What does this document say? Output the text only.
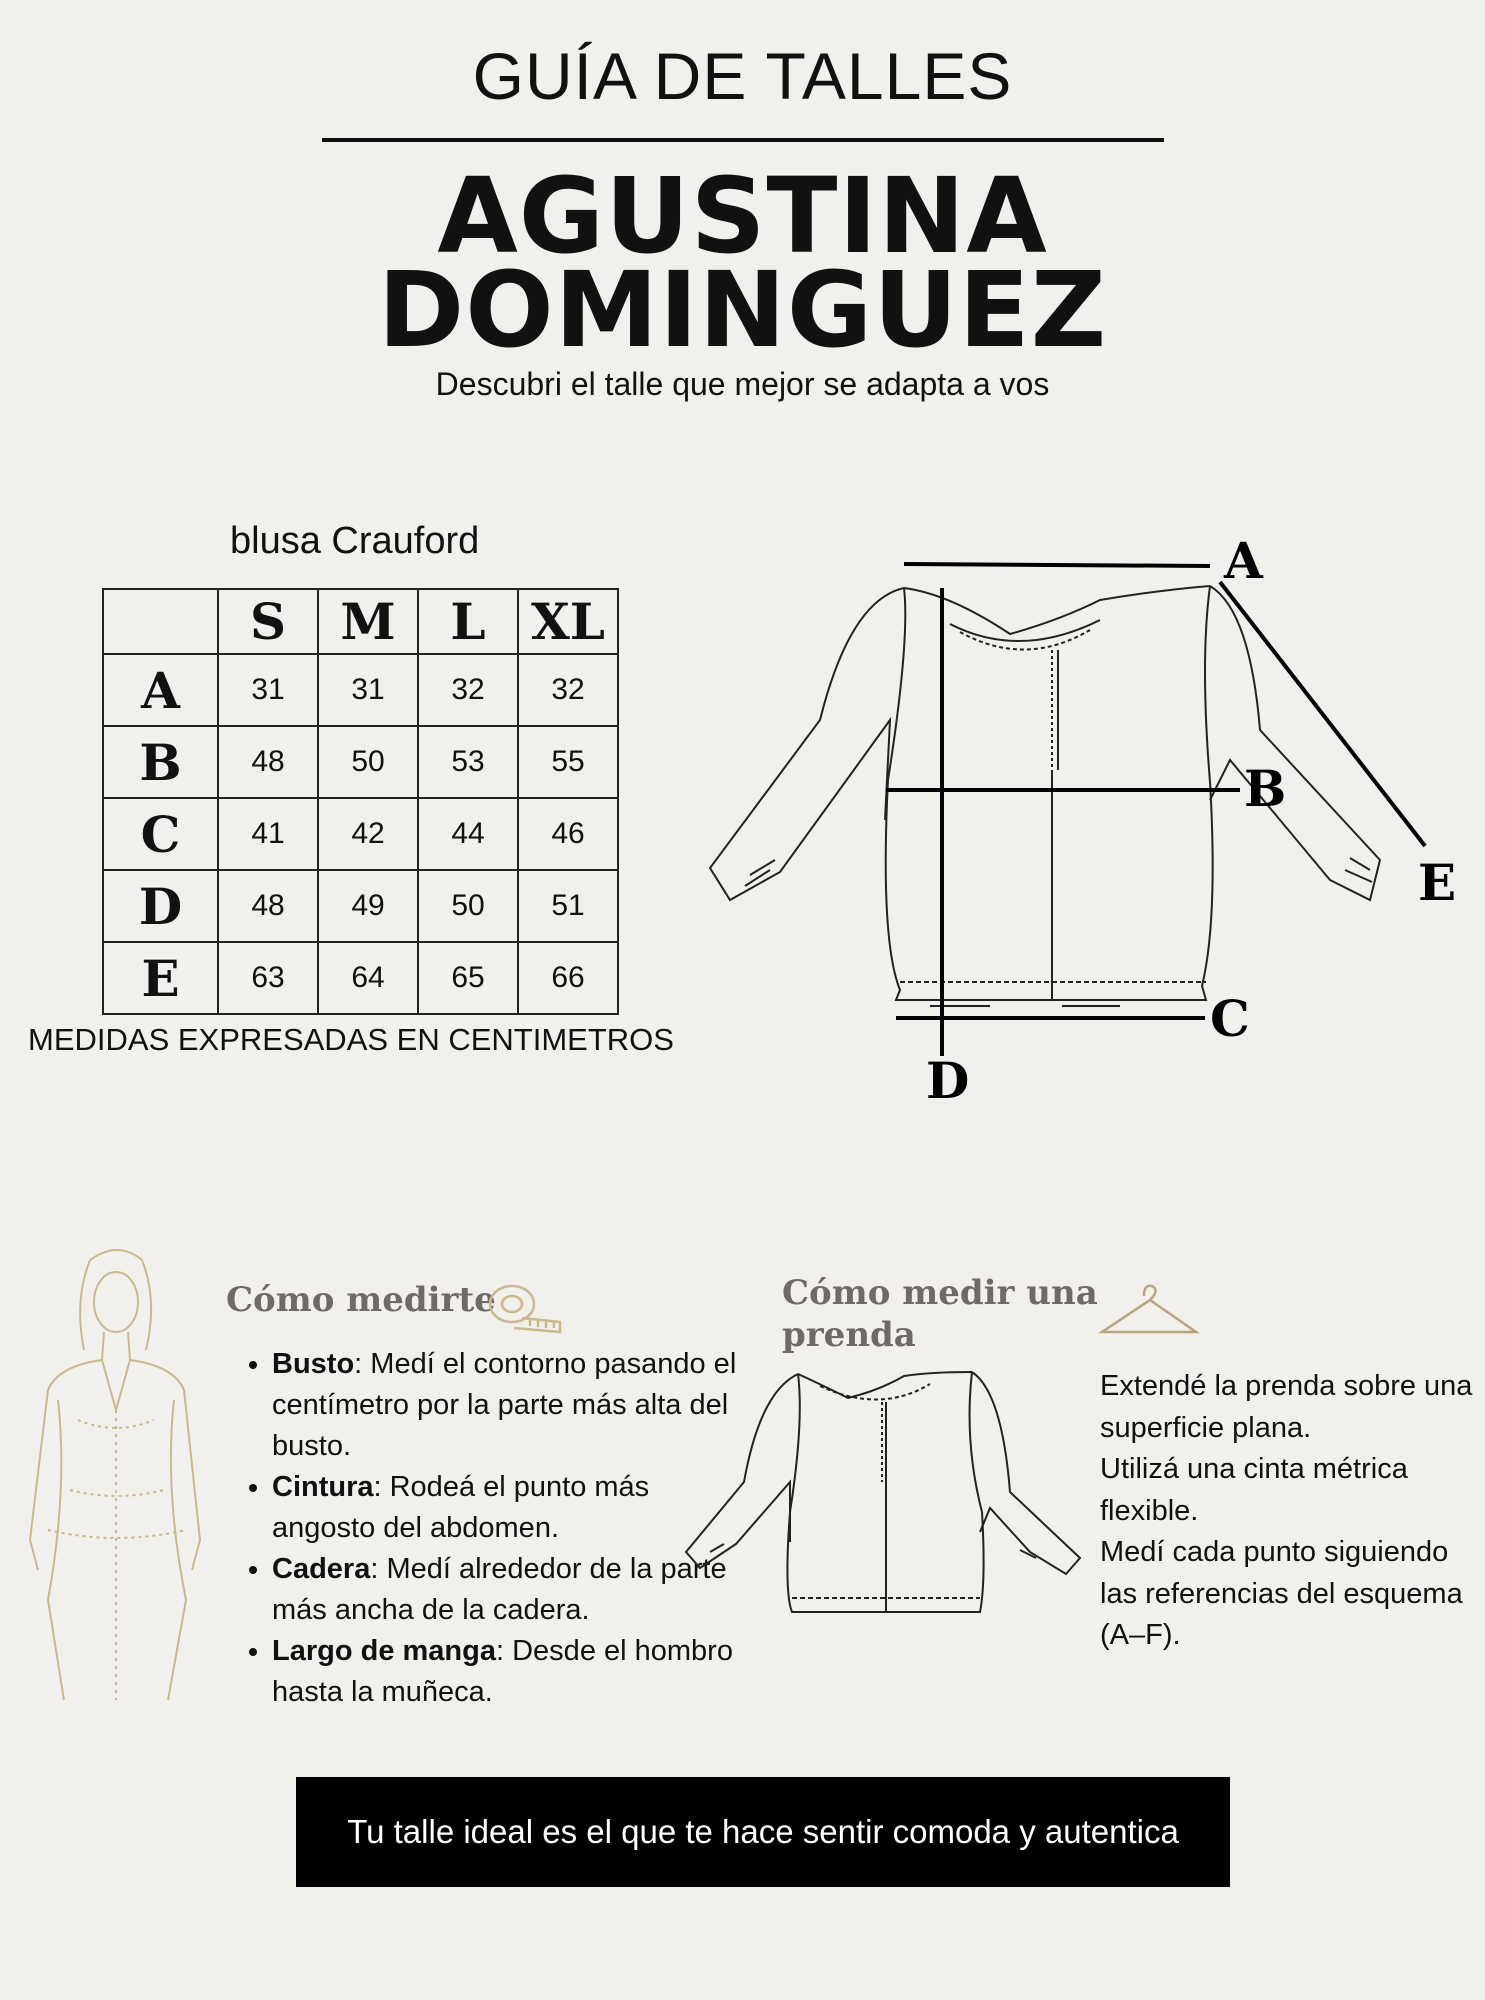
GUÍA DE TALLES
AGUSTINA
DOMINGUEZ
Descubri el talle que mejor se adapta a vos
blusa Crauford
	S	M	L	XL
A	31	31	32	32
B	48	50	53	55
C	41	42	44	46
D	48	49	50	51
E	63	64	65	66
MEDIDAS EXPRESADAS EN CENTIMETROS
A
B
C
D
E
Cómo medirte
• Busto: Medí el contorno pasando el centímetro por la parte más alta del busto.
• Cintura: Rodeá el punto más angosto del abdomen.
• Cadera: Medí alrededor de la parte más ancha de la cadera.
• Largo de manga: Desde el hombro hasta la muñeca.
Cómo medir una
prenda
Extendé la prenda sobre una superficie plana.
Utilizá una cinta métrica flexible.
Medí cada punto siguiendo las referencias del esquema (A–F).
Tu talle ideal es el que te hace sentir comoda y autentica
